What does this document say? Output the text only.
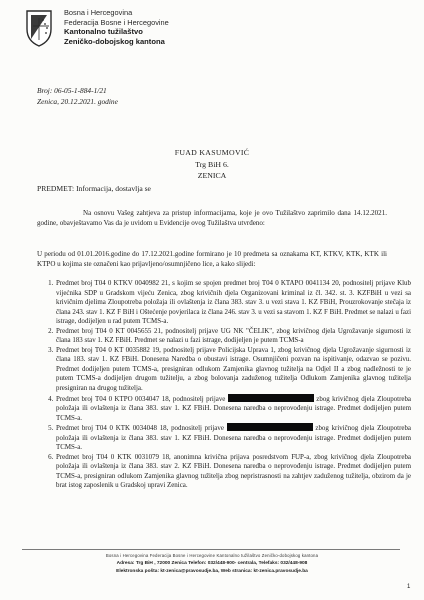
Bosna i Hercegovina
Federacija Bosne i Hercegovine
Kantonalno tužilaštvo
Zeničko-dobojskog kantona
Broj: 06-05-1-884-1/21
Zenica, 20.12.2021. godine
FUAD KASUMOVIĆ
Trg BiH 6.
ZENICA
PREDMET: Informacija, dostavlja se

Na osnovu Vašeg zahtjeva za pristup informacijama, koje je ovo Tužilaštvo zaprimilo dana 14.12.2021. godine, obavještavamo Vas da je uvidom u Evidencije ovog Tužilaštva utvrđeno:

U periodu od 01.01.2016.godine do 17.12.2021.godine formirano je 10 predmeta sa oznakama KT, KTKV, KTK, KTK ili KTPO u kojima ste označeni kao prijavljeno/osumnjičeno lice, a kako slijedi:

1. Predmet broj T04 0 KTKV 0040982 21, s kojim se spojen predmet broj T04 0 KTAPO 0041134 20, podnositelj prijave Klub vijećnika SDP u Gradskom vijeću Zenica, zbog krivičnih djela Organizovani kriminal iz čl. 342. st. 3. KZFBiH u vezi sa krivičnim djelima Zloupotreba položaja ili ovlaštenja iz člana 383. stav 3. u vezi stava 1. KZ FBiH, Prouzrokovanje stečaja iz člana 243. stav 1. KZ F BiH i Oštećenje povjerilaca iz člana 246. stav 3. u vezi sa stavom 1. KZ F BiH. Predmet se nalazi u fazi istrage, dodijeljen u rad putem TCMS-a.
2. Predmet broj T04 0 KT 0045655 21, podnositelj prijave UG NK "ČELIK", zbog krivičnog djela Ugrožavanje sigurnosti iz člana 183 stav 1. KZ FBiH. Predmet se nalazi u fazi istrage, dodijeljen je putem TCMS-a
3. Predmet broj T04 0 KT 0035882 19, podnositelj prijave Policijska Uprava 1, zbog krivičnog djela Ugrožavanje sigurnosti iz člana 183. stav 1. KZ FBiH. Donesena Naredba o obustavi istrage. Osumnjičeni pozvan na ispitivanje, odazvao se pozivu. Predmet dodijeljen putem TCMS-a, presigniran odlukom Zamjenika glavnog tužitelja na Odjel II a zbog nadležnosti te je putem TCMS-a dodijeljen drugom tužitelju, a zbog bolovanja zaduženog tužitelja Odlukom Zamjenika glavnog tužitelja presigniran na drugog tužitelja.
4. Predmet broj T04 0 KTPO 0034047 18, podnositelj prijave	zbog krivičnog djela Zloupotreba položaja ili ovlaštenja iz člana 383. stav 1. KZ FBiH. Donesena naredba o neprovođenju istrage. Predmet dodijeljen putem TCMS-a.
5. Predmet broj T04 0 KTK 0034048 18, podnositelj prijave	zbog krivičnog djela Zloupotreba položaja ili ovlaštenja iz člana 383. stav 1. KZ FBiH. Donesena naredba o neprovođenju istrage. Predmet dodijeljen putem TCMS-a.
6. Predmet broj T04 0 KTK 0031079 18, anonimna krivična prijava posredstvom FUP-a, zbog krivičnog djela Zloupotreba položaja ili ovlaštenja iz člana 383. stav 2. KZ FBiH. Donesena naredba o neprovođenju istrage. Predmet dodijeljen putem TCMS-a, presigniran odlukom Zamjenika glavnog tužitelja zbog nepristrasnosti na zahtjev zaduženog tužitelja, obzirom da je brat istog zaposlenik u Gradskoj upravi Zenica.
Bosna i Hercegovina Federacija Bosne i Hercegovine Kantonalno tužilaštvo Zeničko-dobojskog kantona
Adresa: Trg BiH , 72000 Zenica Telefon: 032/448-900- centrala, Telefaks: 032/448-908
Elektronska pošta: kt-zenica@pravosudje.ba, Web stranica: kt-zenica.pravosudje.ba
1
